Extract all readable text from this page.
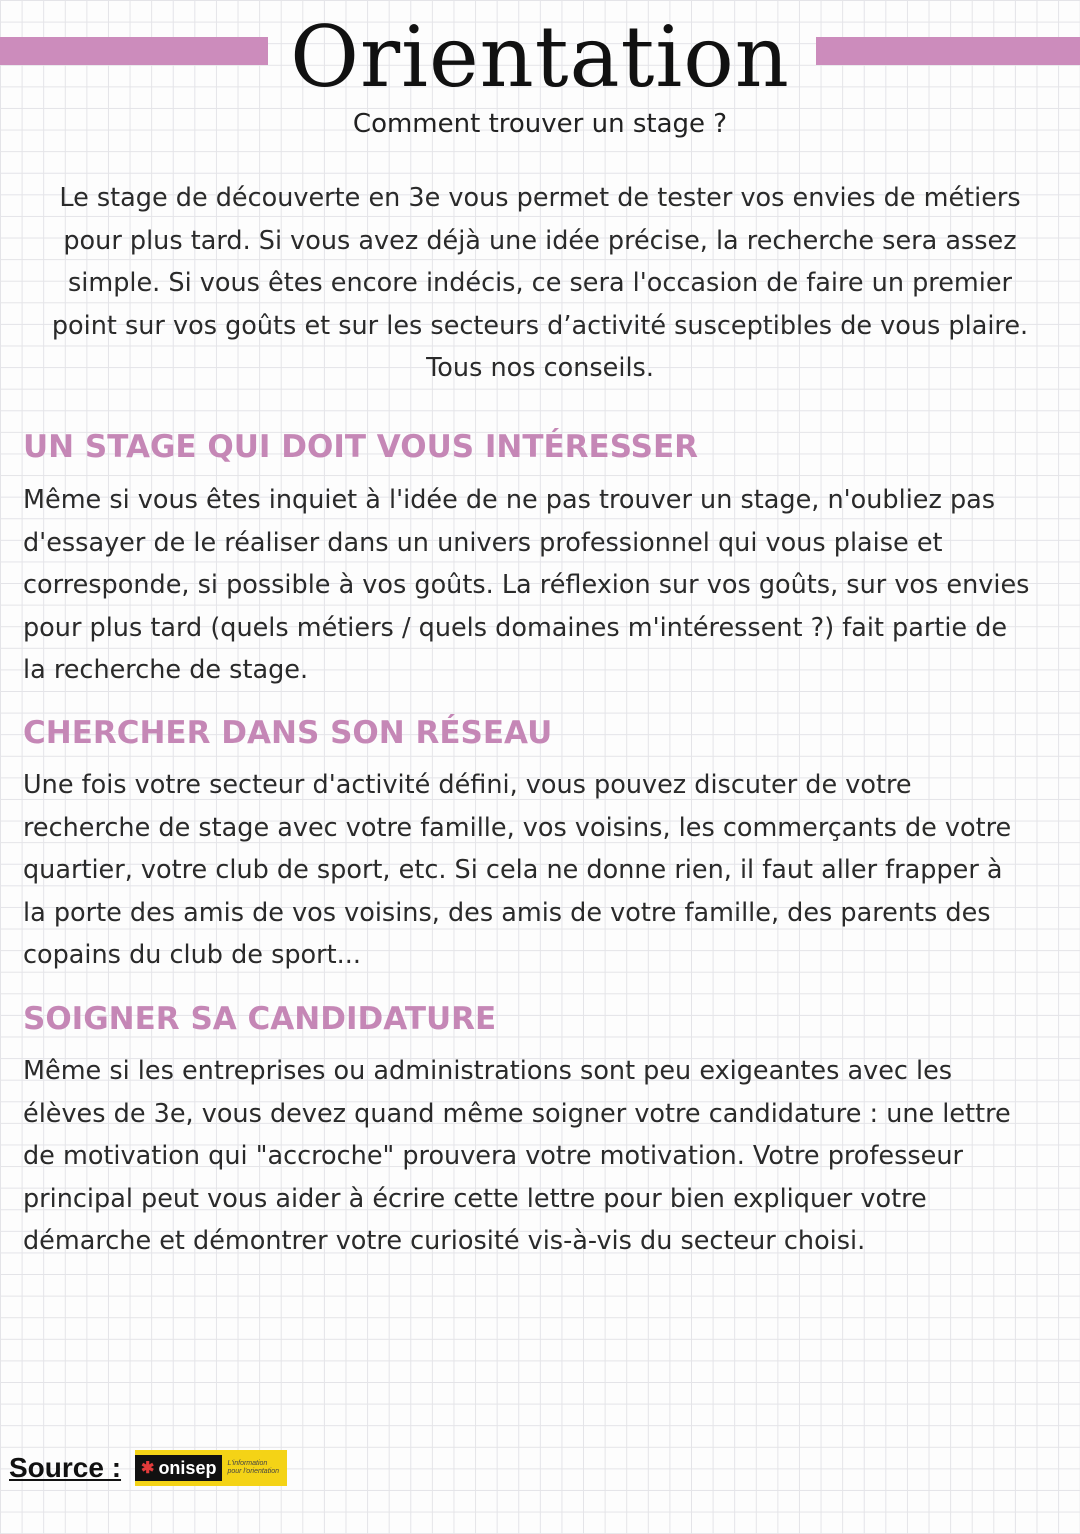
Orientation
Comment trouver un stage ?
Le stage de découverte en 3e vous permet de tester vos envies de métiers
pour plus tard. Si vous avez déjà une idée précise, la recherche sera assez
simple. Si vous êtes encore indécis, ce sera l'occasion de faire un premier
point sur vos goûts et sur les secteurs d’activité susceptibles de vous plaire.
Tous nos conseils.
UN STAGE QUI DOIT VOUS INTÉRESSER
Même si vous êtes inquiet à l'idée de ne pas trouver un stage, n'oubliez pas
d'essayer de le réaliser dans un univers professionnel qui vous plaise et
corresponde, si possible à vos goûts. La réflexion sur vos goûts, sur vos envies
pour plus tard (quels métiers / quels domaines m'intéressent ?) fait partie de
la recherche de stage.
CHERCHER DANS SON RÉSEAU
Une fois votre secteur d'activité défini, vous pouvez discuter de votre
recherche de stage avec votre famille, vos voisins, les commerçants de votre
quartier, votre club de sport, etc. Si cela ne donne rien, il faut aller frapper à
la porte des amis de vos voisins, des amis de votre famille, des parents des
copains du club de sport...
SOIGNER SA CANDIDATURE
Même si les entreprises ou administrations sont peu exigeantes avec les
élèves de 3e, vous devez quand même soigner votre candidature : une lettre
de motivation qui "accroche" prouvera votre motivation. Votre professeur
principal peut vous aider à écrire cette lettre pour bien expliquer votre
démarche et démontrer votre curiosité vis-à-vis du secteur choisi.
Source : ✱ onisep L'information
pour l'orientation
